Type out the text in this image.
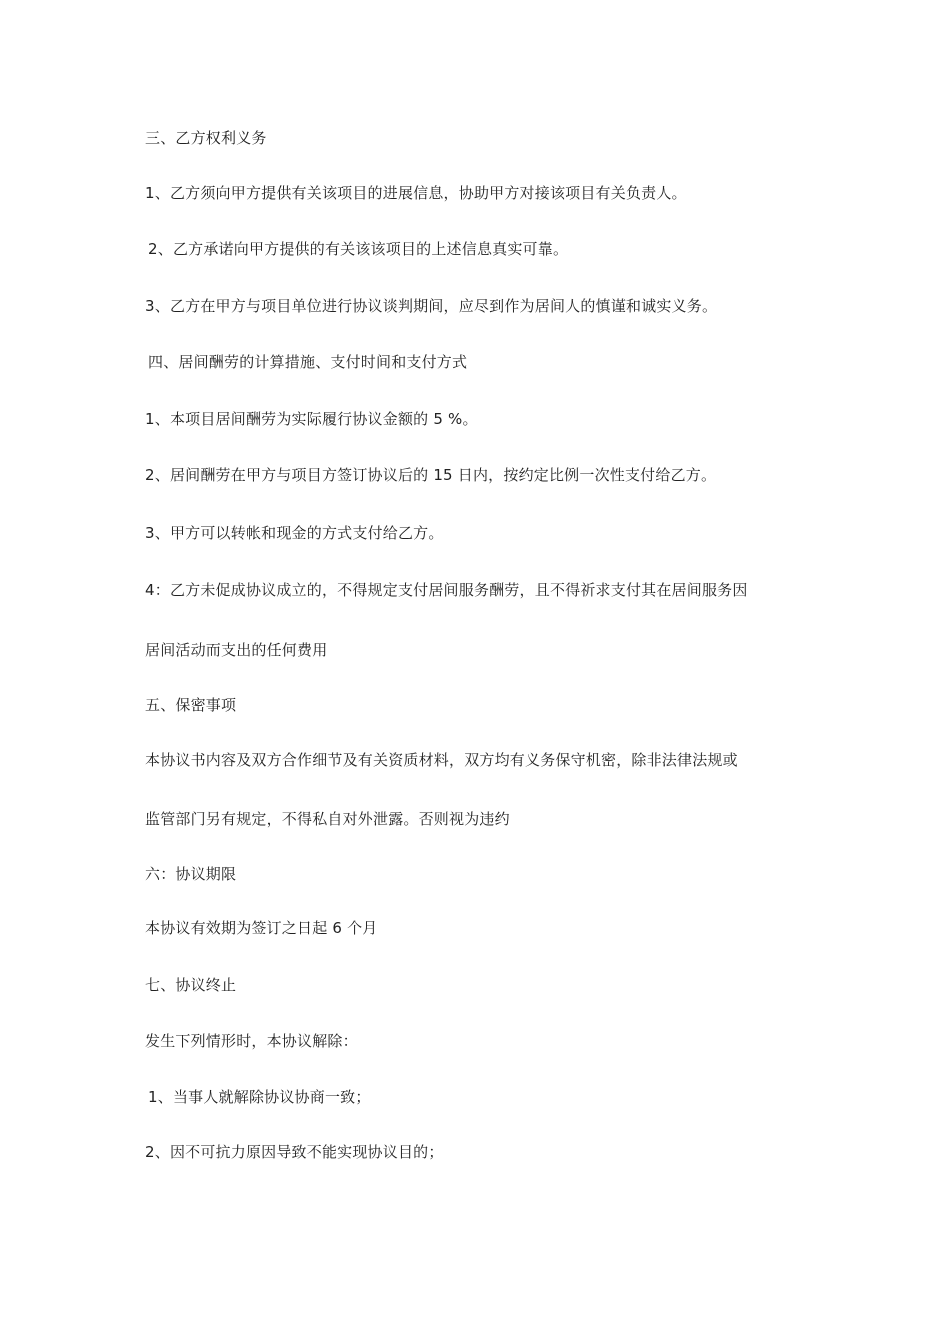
三、乙方权利义务
1、乙方须向甲方提供有关该项目的进展信息，协助甲方对接该项目有关负责人。
2、乙方承诺向甲方提供的有关该该项目的上述信息真实可靠。
3、乙方在甲方与项目单位进行协议谈判期间，应尽到作为居间人的慎谨和诚实义务。
四、居间酬劳的计算措施、支付时间和支付方式
1、本项目居间酬劳为实际履行协议金额的 5 %。
2、居间酬劳在甲方与项目方签订协议后的 15 日内，按约定比例一次性支付给乙方。
3、甲方可以转帐和现金的方式支付给乙方。
4：乙方未促成协议成立的，不得规定支付居间服务酬劳，且不得祈求支付其在居间服务因
居间活动而支出的任何费用
五、保密事项
本协议书内容及双方合作细节及有关资质材料，双方均有义务保守机密，除非法律法规或
监管部门另有规定，不得私自对外泄露。否则视为违约
六：协议期限
本协议有效期为签订之日起 6 个月
七、协议终止
发生下列情形时，本协议解除：
1、当事人就解除协议协商一致；
2、因不可抗力原因导致不能实现协议目的；
